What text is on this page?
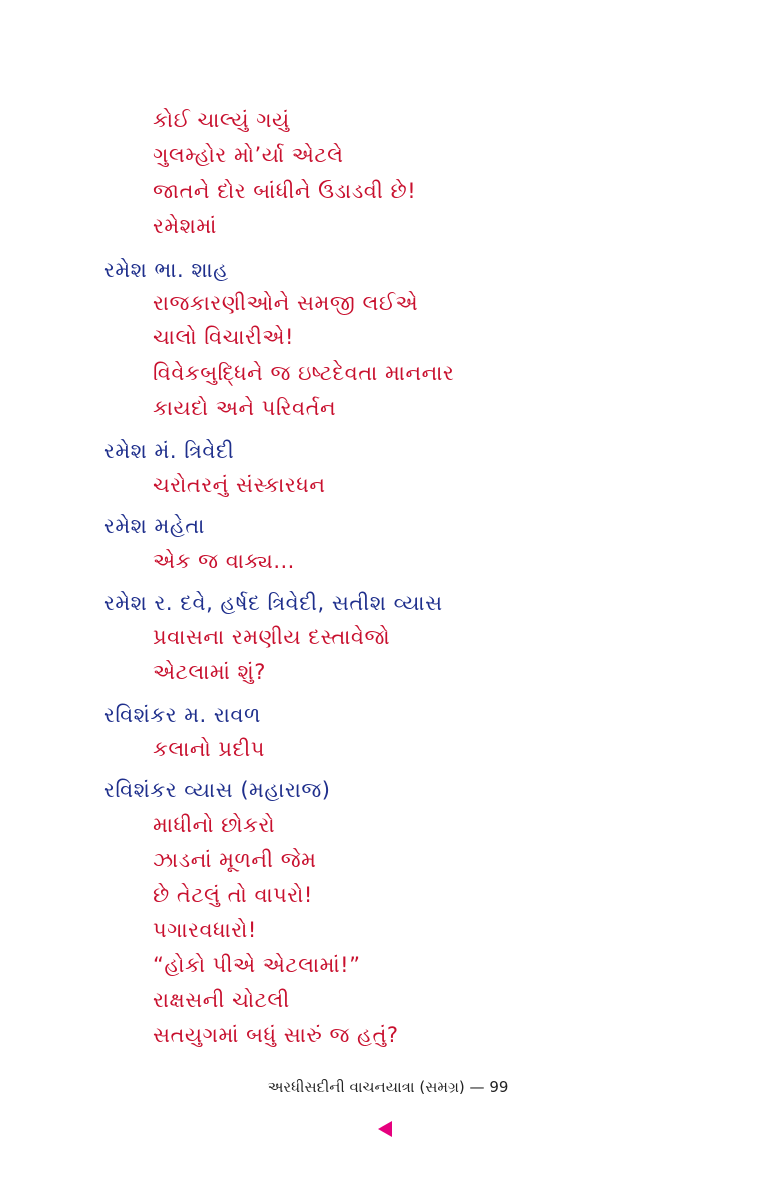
કોઈ ચાલ્યું ગયું
ગુલમ્હોર મો’ર્યા એટલે
જાતને દોર બાંધીને ઉડાડવી છે!
રમેશમાં
રમેશ ભા. શાહ
રાજકારણીઓને સમજી લઈએ
ચાલો વિચારીએ!
વિવેકબુદ્ધિને જ ઇષ્ટદેવતા માનનાર
કાયદો અને પરિવર્તન
રમેશ મં. ત્રિવેદી
ચરોતરનું સંસ્કારધન
રમેશ મહેતા
એક જ વાક્ય...
રમેશ ર. દવે, હર્ષદ ત્રિવેદી, સતીશ વ્યાસ
પ્રવાસના રમણીય દસ્તાવેજો
એટલામાં શું?
રવિશંકર મ. રાવળ
કલાનો પ્રદીપ
રવિશંકર વ્યાસ (મહારાજ)
માધીનો છોકરો
ઝાડનાં મૂળની જેમ
છે તેટલું તો વાપરો!
પગારવધારો!
“હોકો પીએ એટલામાં!”
રાક્ષસની ચોટલી
સતયુગમાં બધું સારું જ હતું?
અરધીસદીની વાચનયાત્રા (સમગ્ર) — 99
